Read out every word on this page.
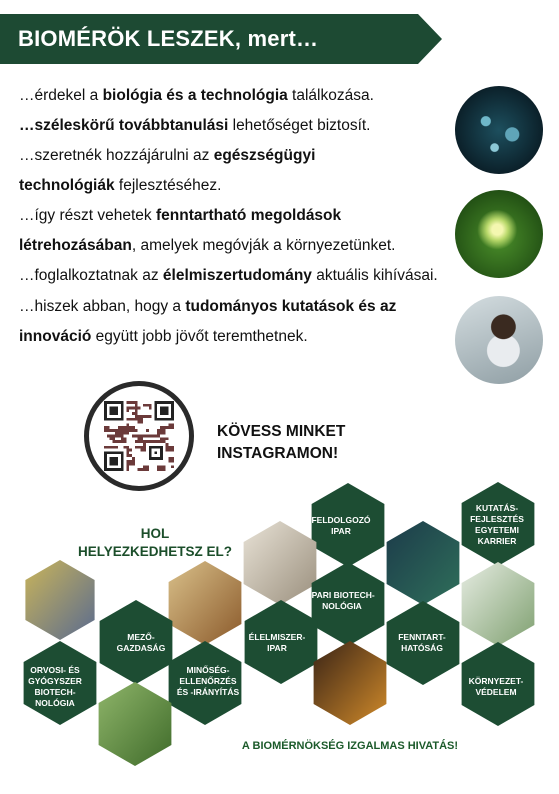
BIOMÉRÖK LESZEK, mert…
…érdekel a biológia és a technológia találkozása.
…széleskörű továbbtanulási lehetőséget biztosít.
…szeretnék hozzájárulni az egészségügyi
technológiák fejlesztéséhez.
…így részt vehetek fenntartható megoldások
létrehozásában, amelyek megóvják a környezetünket.
…foglalkoztatnak az élelmiszertudomány aktuális kihívásai.
…hiszek abban, hogy a tudományos kutatások és az
innováció együtt jobb jövőt teremthetnek.
KÖVESS MINKET
INSTAGRAMON!
FELDOLGOZÓ IPAR
KUTATÁS-FEJLESZTÉS EGYETEMI KARRIER
MEZŐ-GAZDASÁG
ÉLELMISZER-IPAR
IPARI BIOTECH-NOLÓGIA
FENNTART-HATÓSÁG
ORVOSI- ÉS GYÓGYSZER BIOTECH-NOLÓGIA
MINŐSÉG-ELLENŐRZÉS ÉS -IRÁNYÍTÁS
KÖRNYEZET-VÉDELEM
HOL
HELYEZKEDHETSZ EL?
A BIOMÉRNÖKSÉG IZGALMAS HIVATÁS!
